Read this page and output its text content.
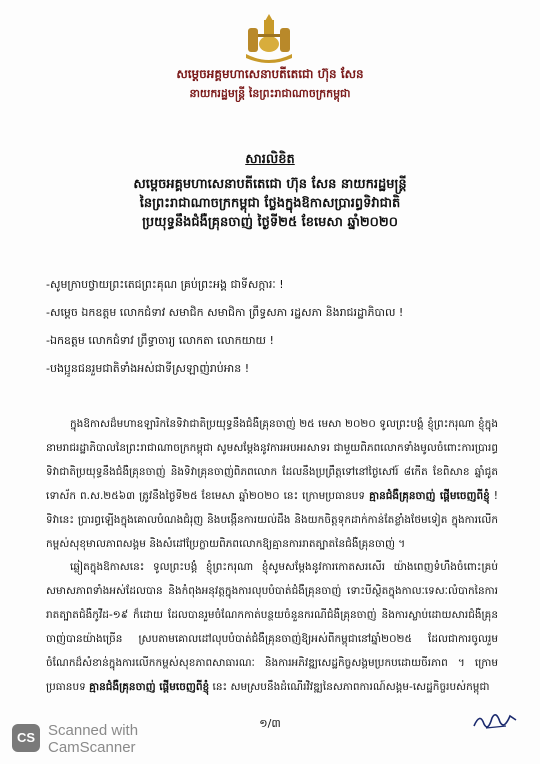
សម្តេចអគ្គមហាសេនាបតីតេជោ ហ៊ុន សែន
នាយករដ្ឋមន្ត្រី នៃព្រះរាជាណាចក្រកម្ពុជា
សារលិខិត
សម្តេចអគ្គមហាសេនាបតីតេជោ ហ៊ុន សែន នាយករដ្ឋមន្ត្រី
នៃព្រះរាជាណាចក្រកម្ពុជា ថ្លែងក្នុងឱកាសប្រារព្ធទិវាជាតិ
ប្រយុទ្ធនឹងជំងឺគ្រុនចាញ់ ថ្ងៃទី២៥ ខែមេសា ឆ្នាំ២០២០
-សូមក្រាបថ្វាយព្រះតេជព្រះគុណ គ្រប់ព្រះអង្គ ជាទីសក្ការៈ !
-សម្តេច ឯកឧត្តម លោកជំទាវ សមាជិក សមាជិកា ព្រឹទ្ធសភា រដ្ឋសភា និងរាជរដ្ឋាភិបាល !
-ឯកឧត្តម លោកជំទាវ ព្រឹទ្ធាចារ្យ លោកតា លោកយាយ !
-បងប្អូនជនរួមជាតិទាំងអស់ជាទីស្រឡាញ់រាប់អាន !
ក្នុងឱកាសដ៏មហាឧឡារិកនៃទិវាជាតិប្រយុទ្ធនឹងជំងឺគ្រុនចាញ់ ២៥ មេសា ២០២០ ទូលព្រះបង្គំ ខ្ញុំព្រះករុណា ខ្ញុំក្នុងនាមរាជរដ្ឋាភិបាលនៃព្រះរាជាណាចក្រកម្ពុជា សូមសម្តែងនូវការអបអរសាទរ ជាមួយពិភពលោកទាំងមូលចំពោះការប្រារព្ធទិវាជាតិប្រយុទ្ធនឹងជំងឺគ្រុនចាញ់ និងទិវាគ្រុនចាញ់ពិភពលោក ដែលនឹងប្រព្រឹត្តទៅនៅថ្ងៃសៅរ៍ ៨កើត ខែពិសាខ ឆ្នាំជូត ទោស័ក ព.ស.២៥៦៣ ត្រូវនឹងថ្ងៃទី២៥ ខែមេសា ឆ្នាំ២០២០ នេះ ក្រោមប្រធានបទ គ្មានជំងឺគ្រុនចាញ់ ផ្តើមចេញពីខ្ញុំ ! ទិវានេះ ប្រារព្ធឡើងក្នុងគោលបំណងជំរុញ និងបង្កើនការយល់ដឹង និងយកចិត្តទុកដាក់កាន់តែខ្លាំងថែមទៀត ក្នុងការលើកកម្ពស់សុខុមាលភាពសង្គម និងសំដៅប្រែក្លាយពិភពលោកឱ្យគ្មានការរាតត្បាតនៃជំងឺគ្រុនចាញ់ ។
ឆ្លៀតក្នុងឱកាសនេះ ទូលព្រះបង្គំ ខ្ញុំព្រះករុណា ខ្ញុំសូមសម្តែងនូវការកោតសរសើរ យ៉ាងពេញទំហឹងចំពោះគ្រប់សមាសភាពទាំងអស់ដែលបាន និងកំពុងអនុវត្តក្នុងការលុបបំបាត់ជំងឺគ្រុនចាញ់ ទោះបីស្ថិតក្នុងកាលៈទេសៈលំបាកនៃការរាតត្បាតជំងឺកូវីដ-១៩ ក៏ដោយ ដែលបានរួមចំណែកកាត់បន្ថយចំនួនករណីជំងឺគ្រុនចាញ់ និងការស្លាប់ដោយសារជំងឺគ្រុនចាញ់បានយ៉ាងច្រើន ស្របតាមគោលដៅលុបបំបាត់ជំងឺគ្រុនចាញ់ឱ្យអស់ពីកម្ពុជានៅឆ្នាំ២០២៥ ដែលជាការចូលរួមចំណែកដ៏សំខាន់ក្នុងការលើកកម្ពស់សុខភាពសាធារណៈ និងការអភិវឌ្ឍសេដ្ឋកិច្ចសង្គមប្រកបដោយចីរភាព ។ ក្រោមប្រធានបទ គ្មានជំងឺគ្រុនចាញ់ ផ្តើមចេញពីខ្ញុំ នេះ សមស្របនឹងដំណើរវិវឌ្ឍនៃសភាពការណ៍សង្គម-សេដ្ឋកិច្ចរបស់កម្ពុជា
១/៣
CS Scanned with
CamScanner
